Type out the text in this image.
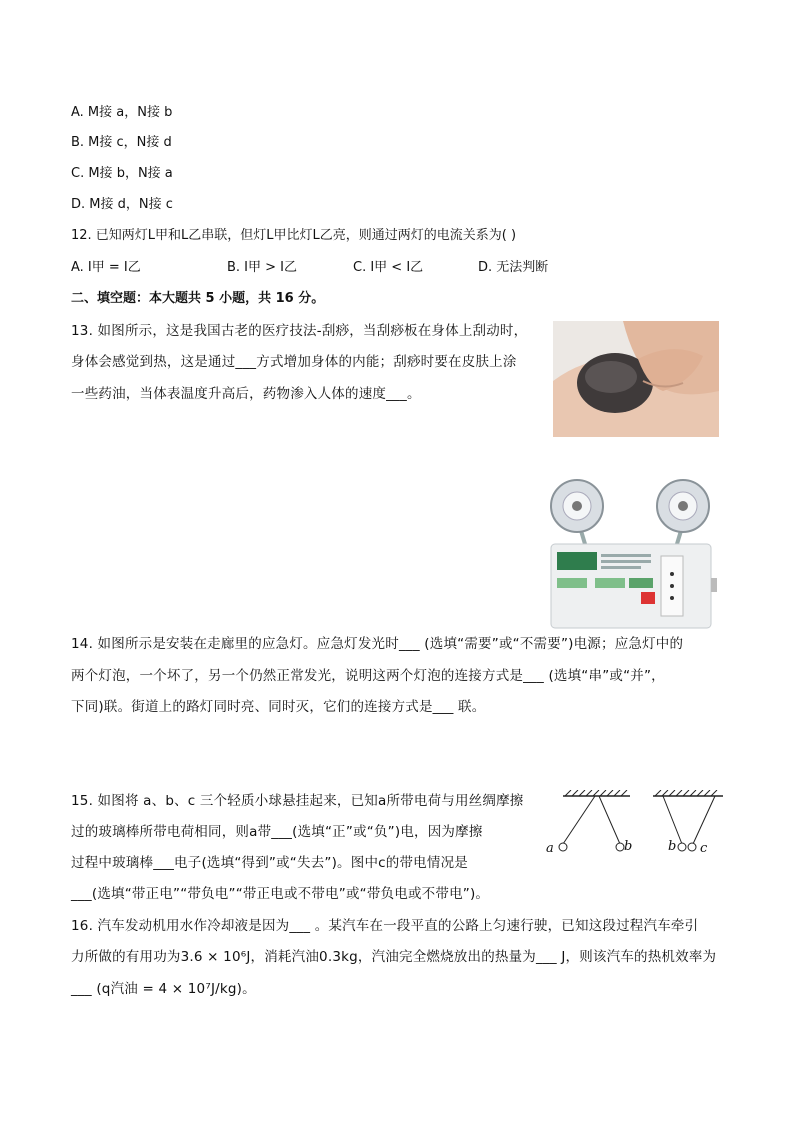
A. M接 a，N接 b
B. M接 c，N接 d
C. M接 b，N接 a
D. M接 d，N接 c
12. 已知两灯L甲和L乙串联，但灯L甲比灯L乙亮，则通过两灯的电流关系为( )
A. I甲 = I乙	B. I甲 > I乙	C. I甲 < I乙	D. 无法判断
二、填空题：本大题共 5 小题，共 16 分。
13. 如图所示，这是我国古老的医疗技法-刮痧，当刮痧板在身体上刮动时，
身体会感觉到热，这是通过___方式增加身体的内能；刮痧时要在皮肤上涂
一些药油，当体表温度升高后，药物渗入人体的速度___。
14. 如图所示是安装在走廊里的应急灯。应急灯发光时___ (选填“需要”或“不需要”)电源；应急灯中的
两个灯泡，一个坏了，另一个仍然正常发光，说明这两个灯泡的连接方式是___ (选填“串”或“并”，
下同)联。街道上的路灯同时亮、同时灭，它们的连接方式是___ 联。
15. 如图将 a、b、c 三个轻质小球悬挂起来，已知a所带电荷与用丝绸摩擦
过的玻璃棒所带电荷相同，则a带___(选填“正”或“负”)电，因为摩擦
过程中玻璃棒___电子(选填“得到”或“失去”)。图中c的带电情况是
___(选填“带正电”“带负电”“带正电或不带电”或“带负电或不带电”)。
a	b	b c
16. 汽车发动机用水作冷却液是因为___ 。某汽车在一段平直的公路上匀速行驶，已知这段过程汽车牵引
力所做的有用功为3.6 × 10⁶J，消耗汽油0.3kg，汽油完全燃烧放出的热量为___ J，则该汽车的热机效率为
___ (q汽油 = 4 × 10⁷J/kg)。
